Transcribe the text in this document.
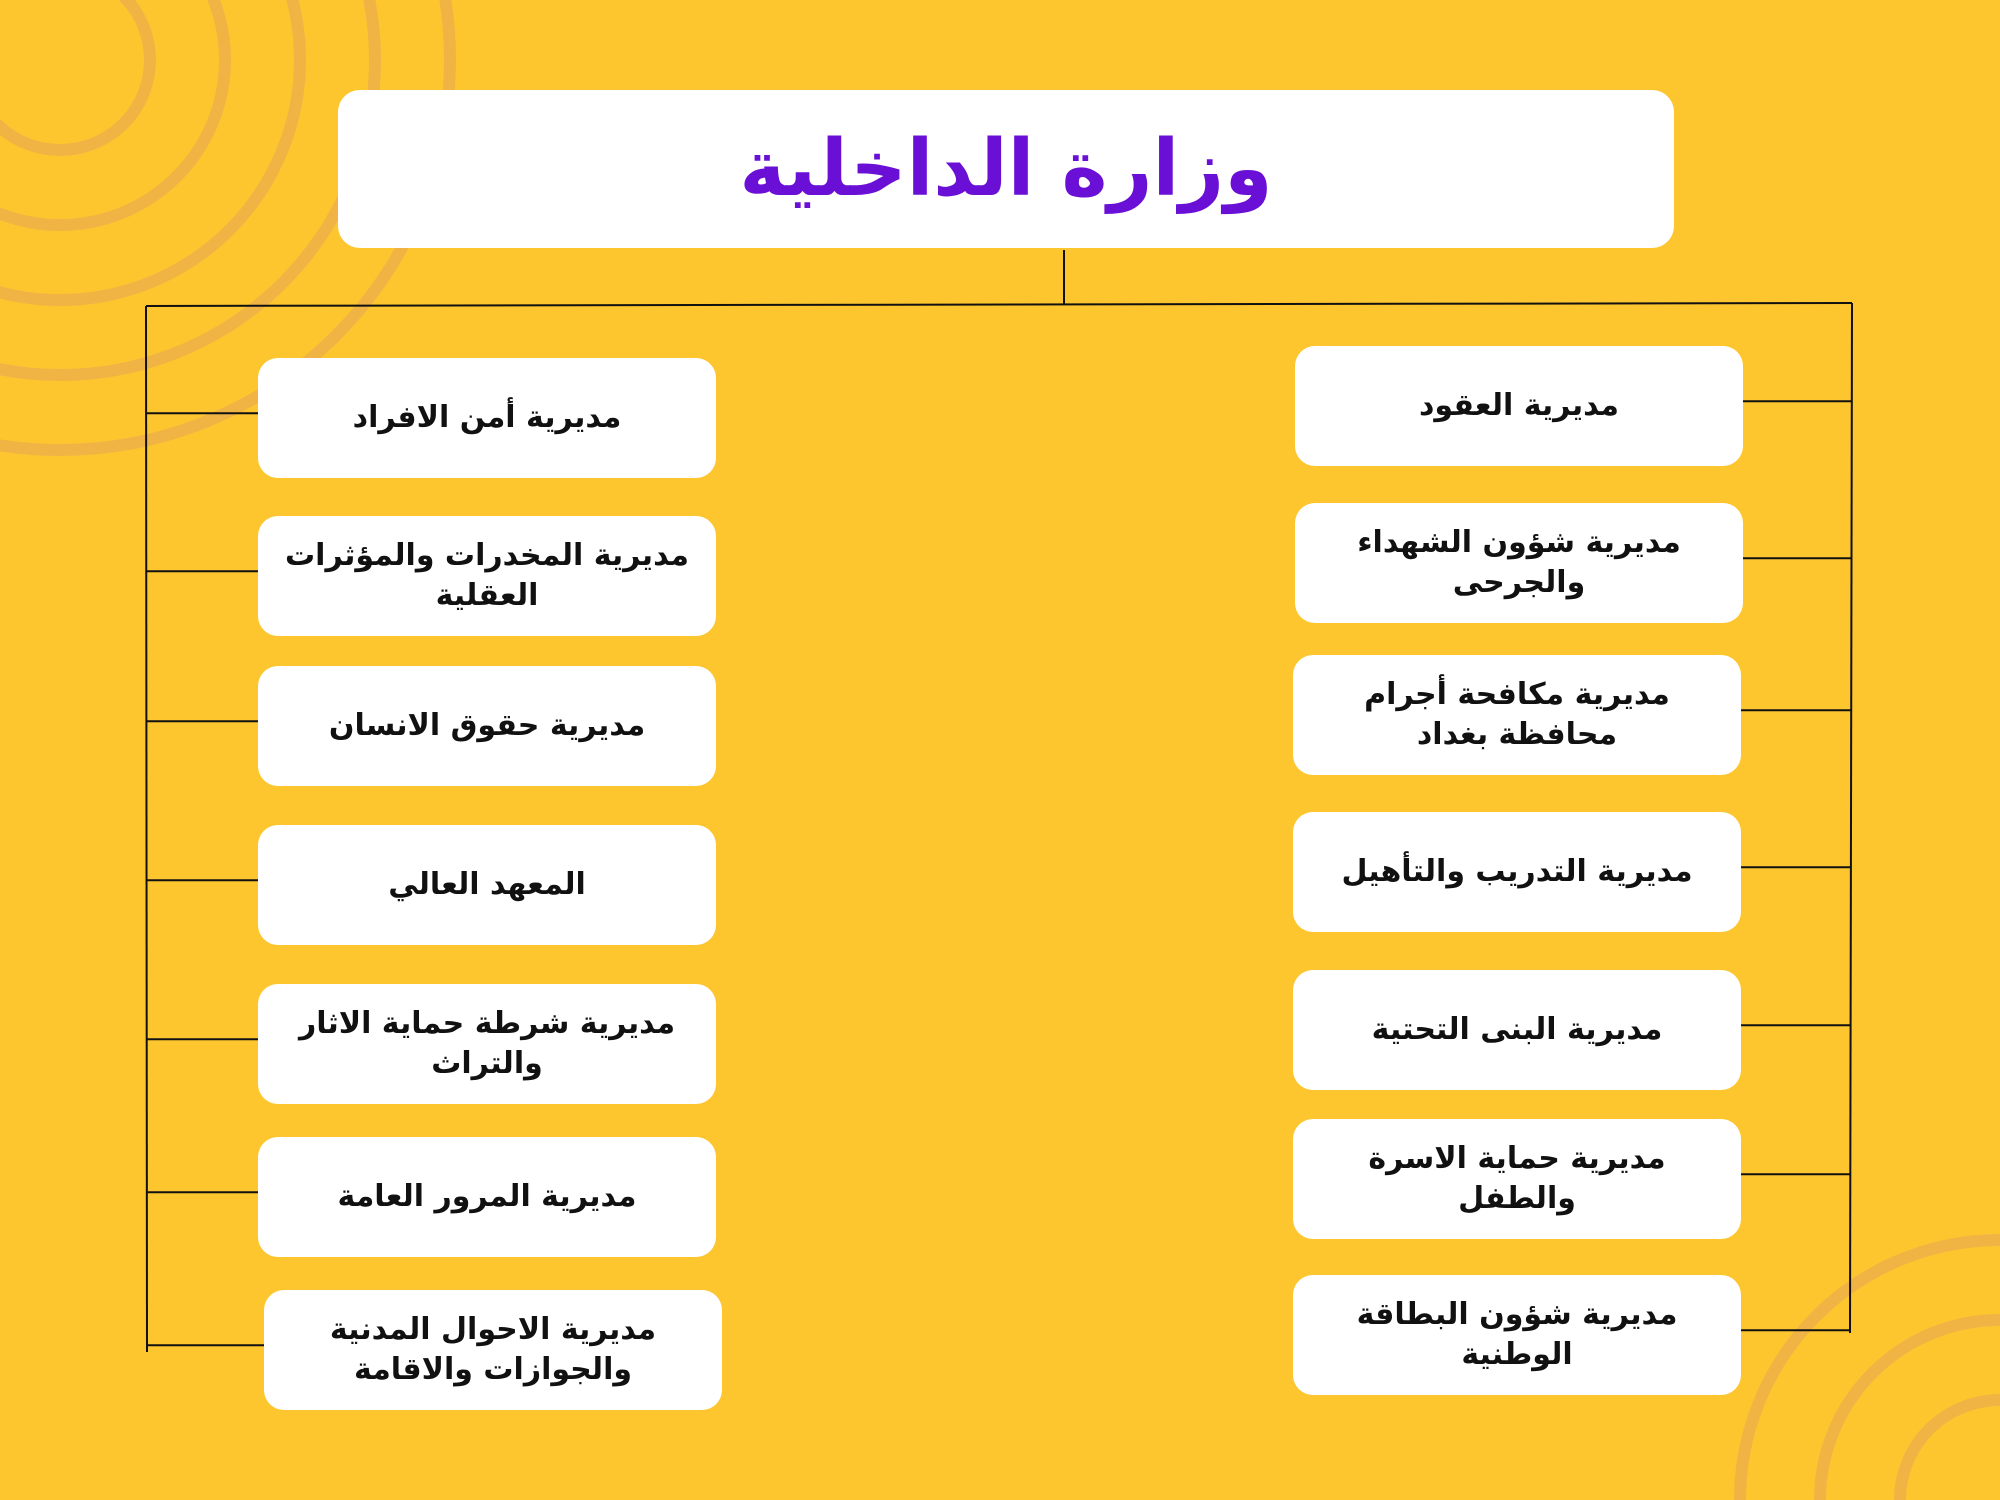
وزارة الداخلية
مديرية أمن الافراد
مديرية المخدرات والمؤثرات العقلية
مديرية حقوق الانسان
المعهد العالي
مديرية شرطة حماية الاثار والتراث
مديرية المرور العامة
مديرية الاحوال المدنية والجوازات والاقامة
مديرية العقود
مديرية شؤون الشهداء والجرحى
مديرية مكافحة أجرام محافظة بغداد
مديرية التدريب والتأهيل
مديرية البنى التحتية
مديرية حماية الاسرة والطفل
مديرية شؤون البطاقة الوطنية
